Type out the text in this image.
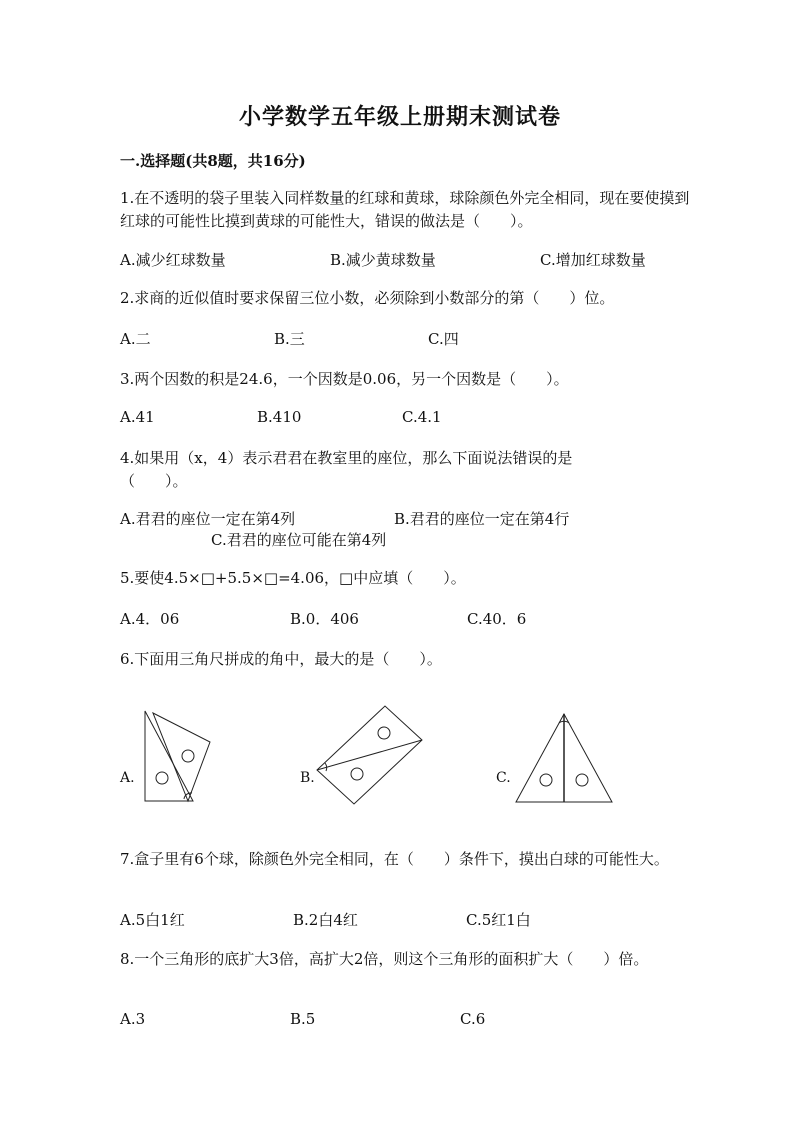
小学数学五年级上册期末测试卷
一.选择题(共8题，共16分)
1.在不透明的袋子里装入同样数量的红球和黄球，球除颜色外完全相同，现在要使摸到红球的可能性比摸到黄球的可能性大，错误的做法是（　　）。
A.减少红球数量	B.减少黄球数量	C.增加红球数量
2.求商的近似值时要求保留三位小数，必须除到小数部分的第（　　）位。
A.二	B.三	C.四
3.两个因数的积是24.6，一个因数是0.06，另一个因数是（　　）。
A.41	B.410	C.4.1
4.如果用（x，4）表示君君在教室里的座位，那么下面说法错误的是（　　）。
A.君君的座位一定在第4列	B.君君的座位一定在第4行
C.君君的座位可能在第4列
5.要使4.5×□+5.5×□=4.06，□中应填（　　）。
A.4．06	B.0．406	C.40．6
6.下面用三角尺拼成的角中，最大的是（　　）。
A.	B.	C.
7.盒子里有6个球，除颜色外完全相同，在（　　）条件下，摸出白球的可能性大。
A.5白1红	B.2白4红	C.5红1白
8.一个三角形的底扩大3倍，高扩大2倍，则这个三角形的面积扩大（　　）倍。
A.3	B.5	C.6
